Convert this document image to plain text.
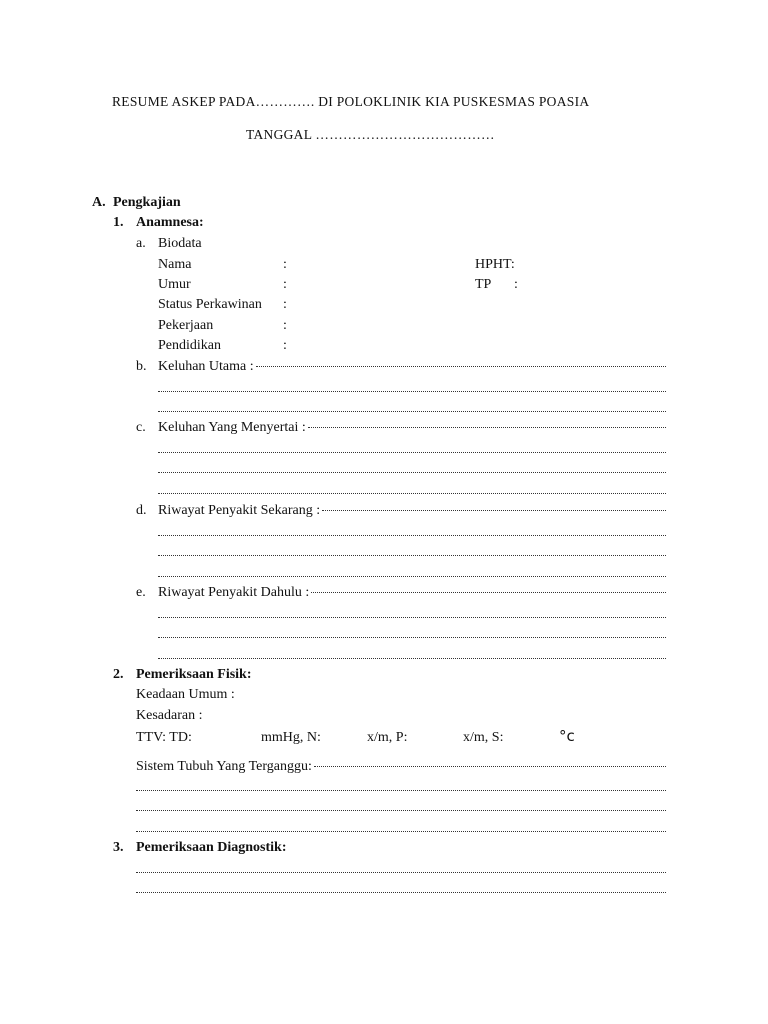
RESUME ASKEP PADA…………. DI POLOKLINIK KIA PUSKESMAS POASIA
TANGGAL …………………………………
A. Pengkajian
1. Anamnesa:
a. Biodata
Nama	:	HPHT:
Umur	:	TP :
Status Perkawinan :
Pekerjaan	:
Pendidikan	:
b. Keluhan Utama :
c. Keluhan Yang Menyertai :
d. Riwayat Penyakit Sekarang :
e. Riwayat Penyakit Dahulu :
2. Pemeriksaan Fisik:
Keadaan Umum :
Kesadaran :
TTV: TD:	mmHg, N:	x/m, P:	x/m, S:	°c
Sistem Tubuh Yang Terganggu:
3. Pemeriksaan Diagnostik:
